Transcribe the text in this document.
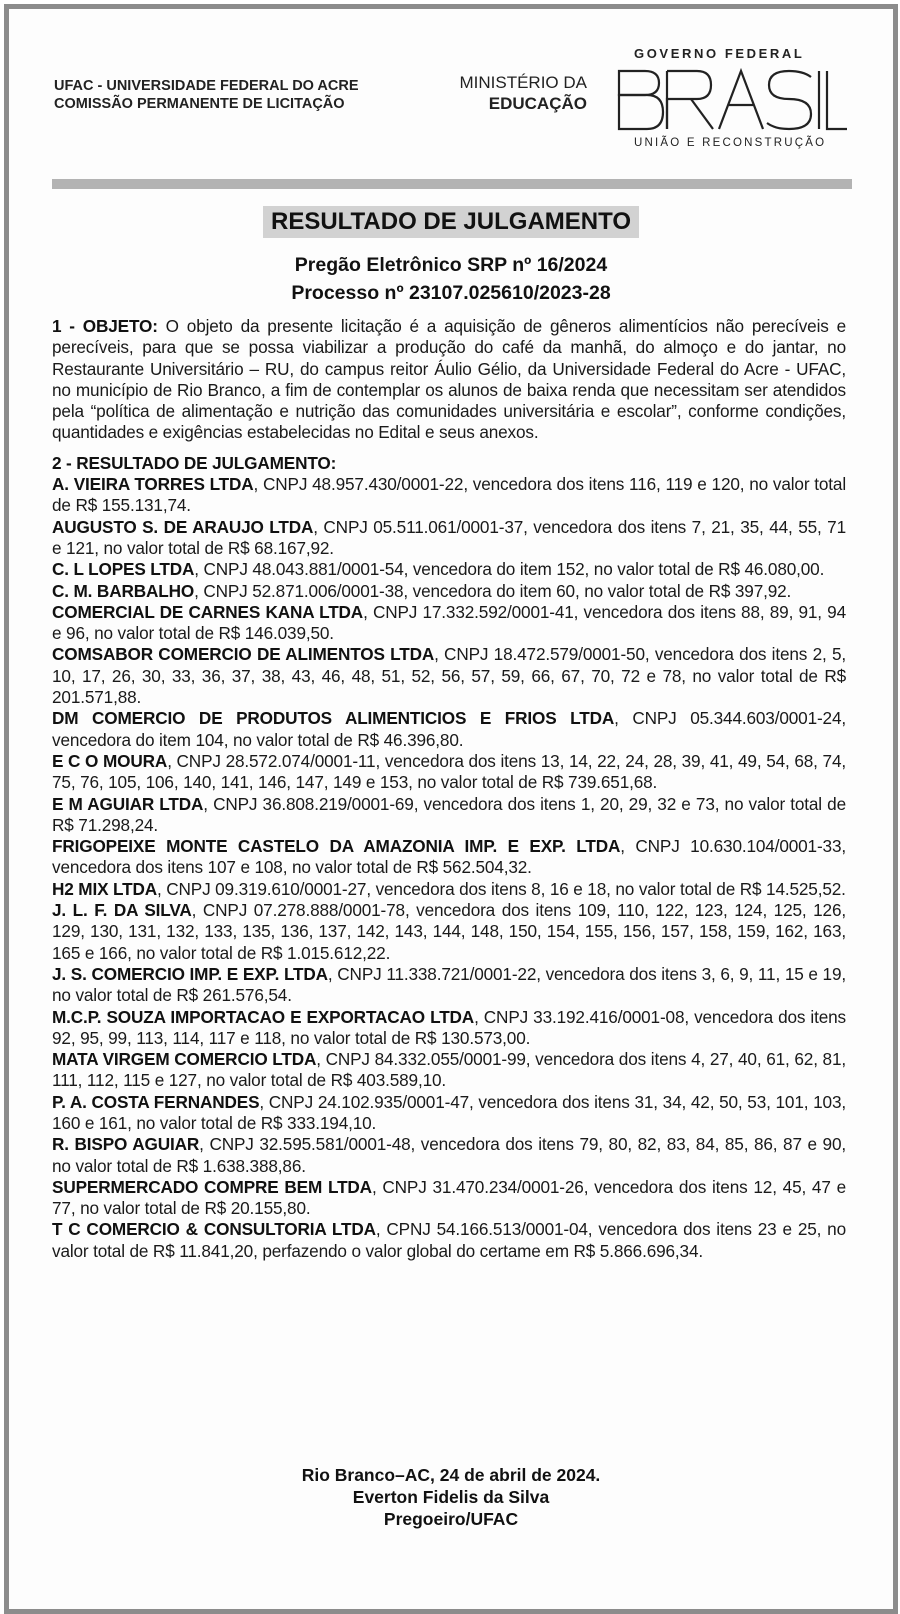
UFAC - UNIVERSIDADE FEDERAL DO ACRE
COMISSÃO PERMANENTE DE LICITAÇÃO
MINISTÉRIO DA

EDUCAÇÃO
GOVERNO FEDERAL
UNIÃO E RECONSTRUÇÃO
RESULTADO DE JULGAMENTO
Pregão Eletrônico SRP nº 16/2024
Processo nº 23107.025610/2023-28

1 - OBJETO: O objeto da presente licitação é a aquisição de gêneros alimentícios não perecíveis e perecíveis, para que se possa viabilizar a produção do café da manhã, do almoço e do jantar, no Restaurante Universitário – RU, do campus reitor Áulio Gélio, da Universidade Federal do Acre - UFAC, no município de Rio Branco, a fim de contemplar os alunos de baixa renda que necessitam ser atendidos pela “política de alimentação e nutrição das comunidades universitária e escolar”, conforme condições, quantidades e exigências estabelecidas no Edital e seus anexos.

2 - RESULTADO DE JULGAMENTO:

A. VIEIRA TORRES LTDA, CNPJ 48.957.430/0001-22, vencedora dos itens 116, 119 e 120, no valor total de R$ 155.131,74.

AUGUSTO S. DE ARAUJO LTDA, CNPJ 05.511.061/0001-37, vencedora dos itens 7, 21, 35, 44, 55, 71 e 121, no valor total de R$ 68.167,92.

C. L LOPES LTDA, CNPJ 48.043.881/0001-54, vencedora do item 152, no valor total de R$ 46.080,00.

C. M. BARBALHO, CNPJ 52.871.006/0001-38, vencedora do item 60, no valor total de R$ 397,92.

COMERCIAL DE CARNES KANA LTDA, CNPJ 17.332.592/0001-41, vencedora dos itens 88, 89, 91, 94 e 96, no valor total de R$ 146.039,50.

COMSABOR COMERCIO DE ALIMENTOS LTDA, CNPJ 18.472.579/0001-50, vencedora dos itens 2, 5, 10, 17, 26, 30, 33, 36, 37, 38, 43, 46, 48, 51, 52, 56, 57, 59, 66, 67, 70, 72 e 78, no valor total de R$ 201.571,88.

DM COMERCIO DE PRODUTOS ALIMENTICIOS E FRIOS LTDA, CNPJ 05.344.603/0001-24, vencedora do item 104, no valor total de R$ 46.396,80.

E C O MOURA, CNPJ 28.572.074/0001-11, vencedora dos itens 13, 14, 22, 24, 28, 39, 41, 49, 54, 68, 74, 75, 76, 105, 106, 140, 141, 146, 147, 149 e 153, no valor total de R$ 739.651,68.

E M AGUIAR LTDA, CNPJ 36.808.219/0001-69, vencedora dos itens 1, 20, 29, 32 e 73, no valor total de R$ 71.298,24.

FRIGOPEIXE MONTE CASTELO DA AMAZONIA IMP. E EXP. LTDA, CNPJ 10.630.104/0001-33, vencedora dos itens 107 e 108, no valor total de R$ 562.504,32.

H2 MIX LTDA, CNPJ 09.319.610/0001-27, vencedora dos itens 8, 16 e 18, no valor total de R$ 14.525,52.

J. L. F. DA SILVA, CNPJ 07.278.888/0001-78, vencedora dos itens 109, 110, 122, 123, 124, 125, 126, 129, 130, 131, 132, 133, 135, 136, 137, 142, 143, 144, 148, 150, 154, 155, 156, 157, 158, 159, 162, 163, 165 e 166, no valor total de R$ 1.015.612,22.

J. S. COMERCIO IMP. E EXP. LTDA, CNPJ 11.338.721/0001-22, vencedora dos itens 3, 6, 9, 11, 15 e 19, no valor total de R$ 261.576,54.

M.C.P. SOUZA IMPORTACAO E EXPORTACAO LTDA, CNPJ 33.192.416/0001-08, vencedora dos itens 92, 95, 99, 113, 114, 117 e 118, no valor total de R$ 130.573,00.

MATA VIRGEM COMERCIO LTDA, CNPJ 84.332.055/0001-99, vencedora dos itens 4, 27, 40, 61, 62, 81, 111, 112, 115 e 127, no valor total de R$ 403.589,10.

P. A. COSTA FERNANDES, CNPJ 24.102.935/0001-47, vencedora dos itens 31, 34, 42, 50, 53, 101, 103, 160 e 161, no valor total de R$ 333.194,10.

R. BISPO AGUIAR, CNPJ 32.595.581/0001-48, vencedora dos itens 79, 80, 82, 83, 84, 85, 86, 87 e 90, no valor total de R$ 1.638.388,86.

SUPERMERCADO COMPRE BEM LTDA, CNPJ 31.470.234/0001-26, vencedora dos itens 12, 45, 47 e 77, no valor total de R$ 20.155,80.

T C COMERCIO & CONSULTORIA LTDA, CPNJ 54.166.513/0001-04, vencedora dos itens 23 e 25, no valor total de R$ 11.841,20, perfazendo o valor global do certame em R$ 5.866.696,34.

Rio Branco–AC, 24 de abril de 2024.
Everton Fidelis da Silva
Pregoeiro/UFAC
